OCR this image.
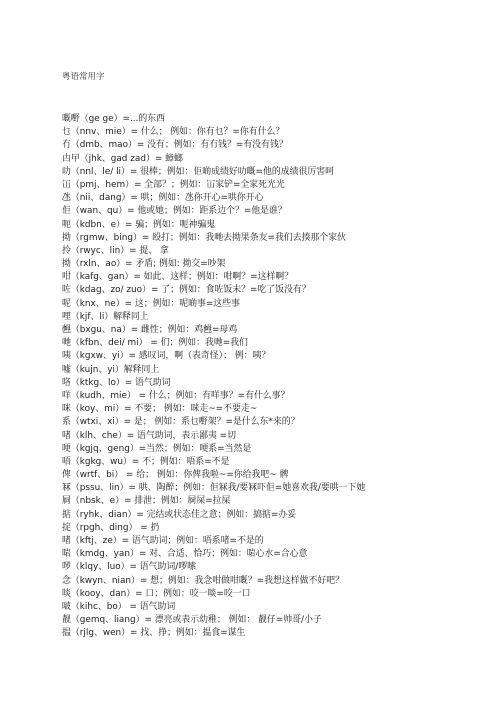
粤语常用字
嘅嘢（ge ge）=...的东西
乜（nnv、mie）= 什么； 例如：你有乜？=你有什么？
冇（dmb、mao）= 没有；例如：有冇钱？=有没有钱？
甴曱（jhk、gad zad）= 蟑螂
叻（nnl、le/ li）= 很棒；例如：佢啲成绩好叻嘅=他的成绩很厉害呵
冚（pmj、hem）= 全部？；例如：冚家铲=全家死光光
氹（nii、dang）= 哄；例如：氹你开心=哄你开心
佢（wan、qu）= 他或她；例如：距系边个？=他是谁？
呃（kdbn、e）= 骗；例如：呃神骗鬼
拗（rgmw、bing）= 殴打；例如：我哋去拗果条友=我们去揍那个家伙
拎（rwyc、lin）= 提、 拿
拗（rxln、ao）= 矛盾; 例如: 拗交=吵架
咁（kafg、gan）= 如此、这样；例如：咁啊？=这样啊？
咗（kdag、zo/ zuo）= 了；例如：食咗饭未？=吃了饭没有？
呢（knx、ne）= 这；例如：呢啲事=这些事
哩（kjf、li）解释同上
乸（bxgu、na）= 雌性；例如：鸡乸=母鸡
哋（kfbn、dei/ mi） = 们；例如：我哋=我们
咦（kgxw、yi）= 感叹词，啊（表奇怪）； 例：咦？
嘘（kujn、yi）解释同上
咯（ktkg、lo）= 语气助词
咩（kudh、mie） = 什么；例如：有咩事？=有什么事？
咪（koy、mi）= 不要； 例如：咪走~=不要走~
系（wtxi、xi）= 是； 例如：系乜嘢架？=是什么东*来的？
啫（klh、che）= 语气助词，表示鄙夷 =切
哽（kgjq、geng）=当然；例如：哽系=当然是
唔（kgkg、wu）= 不；例如：唔系=不是
俾（wrtf、bi） = 给； 例如：你俾我啦~=你给我吧~ 髀
冧（pssu、lin）= 哄、陶醉；例如：佢冧我/要冧吓佢=她喜欢我/要哄一下她
屙（nbsk、e）= 排泄；例如：屙屎=拉屎
掂（ryhk、dian）= 完结或状态佳之意；例如：搞掂=办妥
掟（rpgh、ding） = 扔
啫（kftj、ze）= 语气助词；例如：唔系啫=不是的
啱（kmdg、yan）= 对、合适、恰巧；例如：啱心水=合心意
啰（klqy、luo）= 语气助词/啰嗦
念（kwyn、nian）= 想；例如：我念咁做咁嘅？=我想这样做不好吧？
啖（kooy、dan）= 口；例如：咬一啖=咬一口
啵（kihc、bo） = 语气助词
靓（gemq、liang）= 漂亮或表示幼稚； 例如： 靓仔=帅哥/小子
揾（rjlg、wen）= 找、挣；例如：揾食=谋生
